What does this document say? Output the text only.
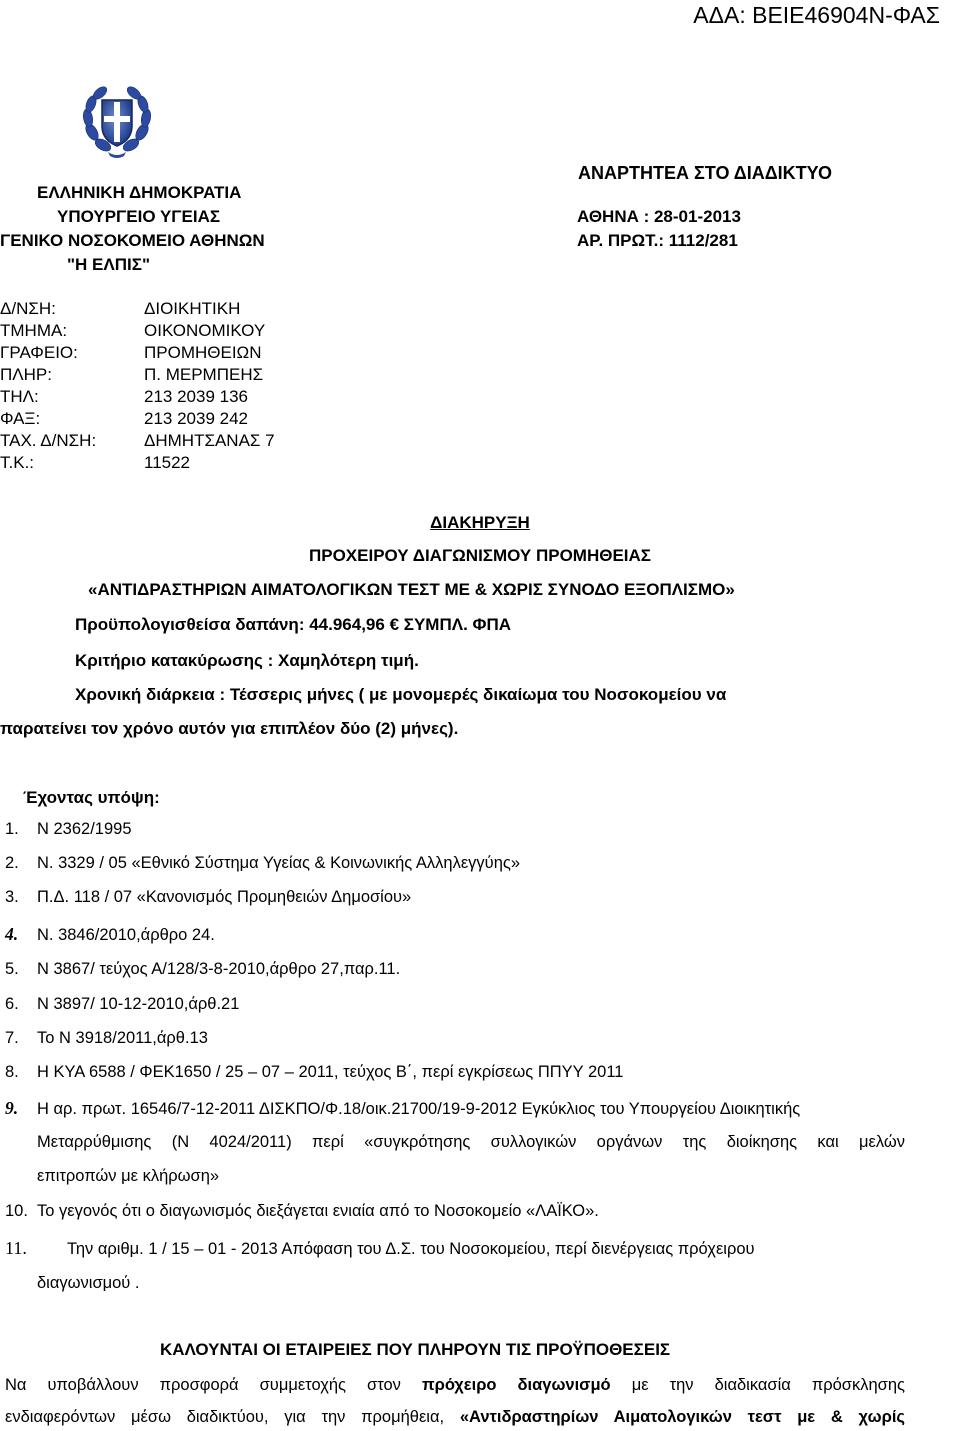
ΑΔΑ: ΒΕΙΕ46904Ν-ΦΑΣ
ΕΛΛΗΝΙΚΗ ΔΗΜΟΚΡΑΤΙΑ
ΥΠΟΥΡΓΕΙΟ ΥΓΕΙΑΣ
ΓΕΝΙΚΟ ΝΟΣΟΚΟΜΕΙΟ ΑΘΗΝΩΝ
"Η ΕΛΠΙΣ"
ΑΝΑΡΤΗΤΕΑ ΣΤΟ ΔΙΑΔΙΚΤΥΟ
ΑΘΗΝΑ : 28-01-2013
ΑΡ. ΠΡΩΤ.: 1112/281
Δ/ΝΣΗ:	ΔΙΟΙΚΗΤΙΚΗ
ΤΜΗΜΑ:	ΟΙΚΟΝΟΜΙΚΟΥ
ΓΡΑΦΕΙΟ:	ΠΡΟΜΗΘΕΙΩΝ
ΠΛΗΡ:	Π. ΜΕΡΜΠΕΗΣ
ΤΗΛ:	213 2039 136
ΦΑΞ:	213 2039 242
ΤΑΧ. Δ/ΝΣΗ:	ΔΗΜΗΤΣΑΝΑΣ 7
Τ.Κ.:	11522
ΔΙΑΚΗΡΥΞΗ
ΠΡΟΧΕΙΡΟΥ ΔΙΑΓΩΝΙΣΜΟΥ ΠΡΟΜΗΘΕΙΑΣ
«ΑΝΤΙΔΡΑΣΤΗΡΙΩΝ ΑΙΜΑΤΟΛΟΓΙΚΩΝ ΤΕΣΤ ΜΕ & ΧΩΡΙΣ ΣΥΝΟΔΟ ΕΞΟΠΛΙΣΜΟ»
Προϋπολογισθείσα δαπάνη: 44.964,96 € ΣΥΜΠΛ. ΦΠΑ
Κριτήριο κατακύρωσης : Χαμηλότερη τιμή.
Χρονική διάρκεια : Τέσσερις μήνες ( με μονομερές δικαίωμα του Νοσοκομείου να
παρατείνει τον χρόνο αυτόν για επιπλέον δύο (2) μήνες).
Έχοντας υπόψη:
1. Ν 2362/1995
2. Ν. 3329 / 05 «Εθνικό Σύστημα Υγείας & Κοινωνικής Αλληλεγγύης»
3. Π.Δ. 118 / 07 «Κανονισμός Προμηθειών Δημοσίου»
4. Ν. 3846/2010,άρθρο 24.
5. Ν 3867/ τεύχος Α/128/3-8-2010,άρθρο 27,παρ.11.
6. Ν 3897/ 10-12-2010,άρθ.21
7. Το Ν 3918/2011,άρθ.13
8. Η ΚΥΑ 6588 / ΦΕΚ1650 / 25 – 07 – 2011, τεύχος Β΄, περί εγκρίσεως ΠΠΥΥ 2011
9. Η αρ. πρωτ. 16546/7-12-2011 ΔΙΣΚΠΟ/Φ.18/οικ.21700/19-9-2012 Εγκύκλιος του Υπουργείου Διοικητικής
Μεταρρύθμισης (Ν 4024/2011) περί «συγκρότησης συλλογικών οργάνων της διοίκησης και μελών
επιτροπών με κλήρωση»
10. Το γεγονός ότι ο διαγωνισμός διεξάγεται ενιαία από το Νοσοκομείο «ΛΑΪΚΟ».
11. Την αριθμ. 1 / 15 – 01 - 2013 Απόφαση του Δ.Σ. του Νοσοκομείου, περί διενέργειας πρόχειρου
διαγωνισμού .
ΚΑΛΟΥΝΤΑΙ ΟΙ ΕΤΑΙΡΕΙΕΣ ΠΟΥ ΠΛΗΡΟΥΝ ΤΙΣ ΠΡΟΫΠΟΘΕΣΕΙΣ
Να υποβάλλουν προσφορά συμμετοχής στον πρόχειρο διαγωνισμό με την διαδικασία πρόσκλησης
ενδιαφερόντων μέσω διαδικτύου, για την προμήθεια, «Αντιδραστηρίων Αιματολογικών τεστ με & χωρίς
